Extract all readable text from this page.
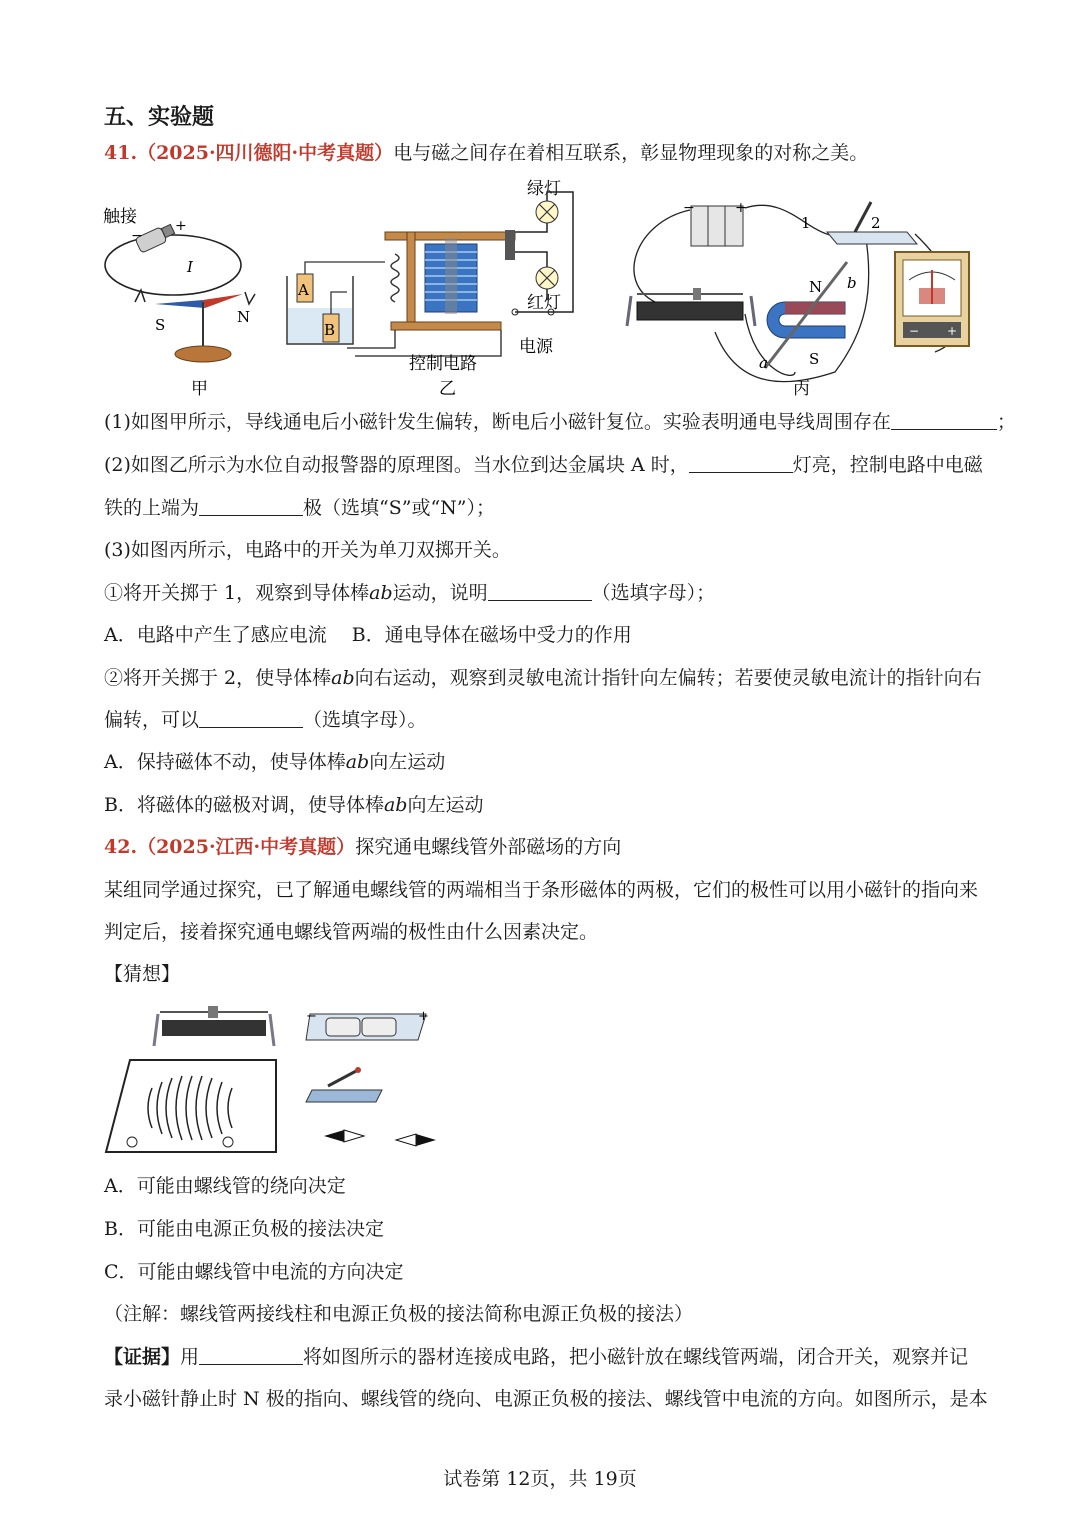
五、实验题
41.（2025·四川德阳·中考真题）电与磁之间存在着相互联系，彰显物理现象的对称之美。
触接	+
−
I
S	N
甲
绿灯
红灯
电源
A
B
控制电路
乙
−	+
1	2
N
S
a
b
− +
丙
(1)如图甲所示，导线通电后小磁针发生偏转，断电后小磁针复位。实验表明通电导线周围存在	；
(2)如图乙所示为水位自动报警器的原理图。当水位到达金属块 A 时，	灯亮，控制电路中电磁
铁的上端为	极（选填“S”或“N”）；
(3)如图丙所示，电路中的开关为单刀双掷开关。
①将开关掷于 1，观察到导体棒ab运动，说明	（选填字母）；
A．电路中产生了感应电流　 B．通电导体在磁场中受力的作用
②将开关掷于 2，使导体棒ab向右运动，观察到灵敏电流计指针向左偏转；若要使灵敏电流计的指针向右
偏转，可以	（选填字母）。
A．保持磁体不动，使导体棒ab向左运动
B．将磁体的磁极对调，使导体棒ab向左运动
42.（2025·江西·中考真题）探究通电螺线管外部磁场的方向
某组同学通过探究，已了解通电螺线管的两端相当于条形磁体的两极，它们的极性可以用小磁针的指向来
判定后，接着探究通电螺线管两端的极性由什么因素决定。
【猜想】
−	+
A．可能由螺线管的绕向决定
B．可能由电源正负极的接法决定
C．可能由螺线管中电流的方向决定
（注解：螺线管两接线柱和电源正负极的接法简称电源正负极的接法）
【证据】用	将如图所示的器材连接成电路，把小磁针放在螺线管两端，闭合开关，观察并记
录小磁针静止时 N 极的指向、螺线管的绕向、电源正负极的接法、螺线管中电流的方向。如图所示，是本
试卷第 12页，共 19页
